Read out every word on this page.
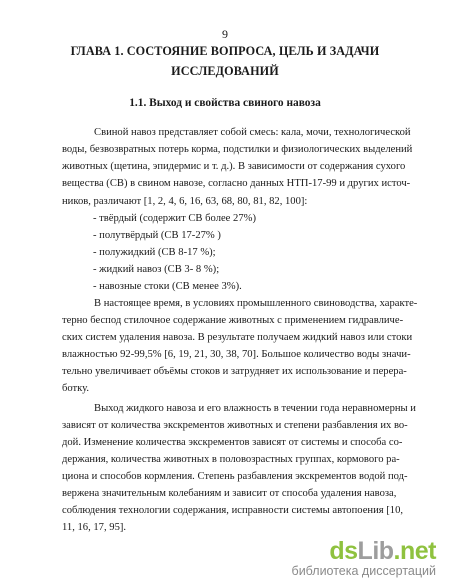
9
ГЛАВА 1. СОСТОЯНИЕ ВОПРОСА, ЦЕЛЬ И ЗАДАЧИ
ИССЛЕДОВАНИЙ
1.1. Выход и свойства свиного навоза
Свиной навоз представляет собой смесь: кала, мочи, технологической
воды, безвозвратных потерь корма, подстилки и физиологических выделений
животных (щетина, эпидермис и т. д.). В зависимости от содержания сухого
вещества (СВ) в свином навозе, согласно данных НТП-17-99 и других источ-
ников, различают [1, 2, 4, 6, 16, 63, 68, 80, 81, 82, 100]:
- твёрдый (содержит СВ более 27%)
- полутвёрдый (СВ 17-27% )
- полужидкий (СВ 8-17 %);
- жидкий навоз (СВ 3- 8 %);
- навозные стоки (СВ менее 3%).
В настоящее время, в условиях промышленного свиноводства, характе-
терно беспод стилочное содержание животных с применением гидравличе-
ских систем удаления навоза. В результате получаем жидкий навоз или стоки
влажностью 92-99,5% [6, 19, 21, 30, 38, 70]. Большое количество воды значи-
тельно увеличивает объёмы стоков и затрудняет их использование и перера-
ботку.
Выход жидкого навоза и его влажность в течении года неравномерны и
зависят от количества экскрементов животных и степени разбавления их во-
дой. Изменение количества экскрементов зависят от системы и способа со-
держания, количества животных в половозрастных группах, кормового ра-
циона и способов кормления. Степень разбавления экскрементов водой под-
вержена значительным колебаниям и зависит от способа удаления навоза,
соблюдения технологии содержания, исправности системы автопоения [10,
11, 16, 17, 95].
dsLib.net
библиотека диссертаций
